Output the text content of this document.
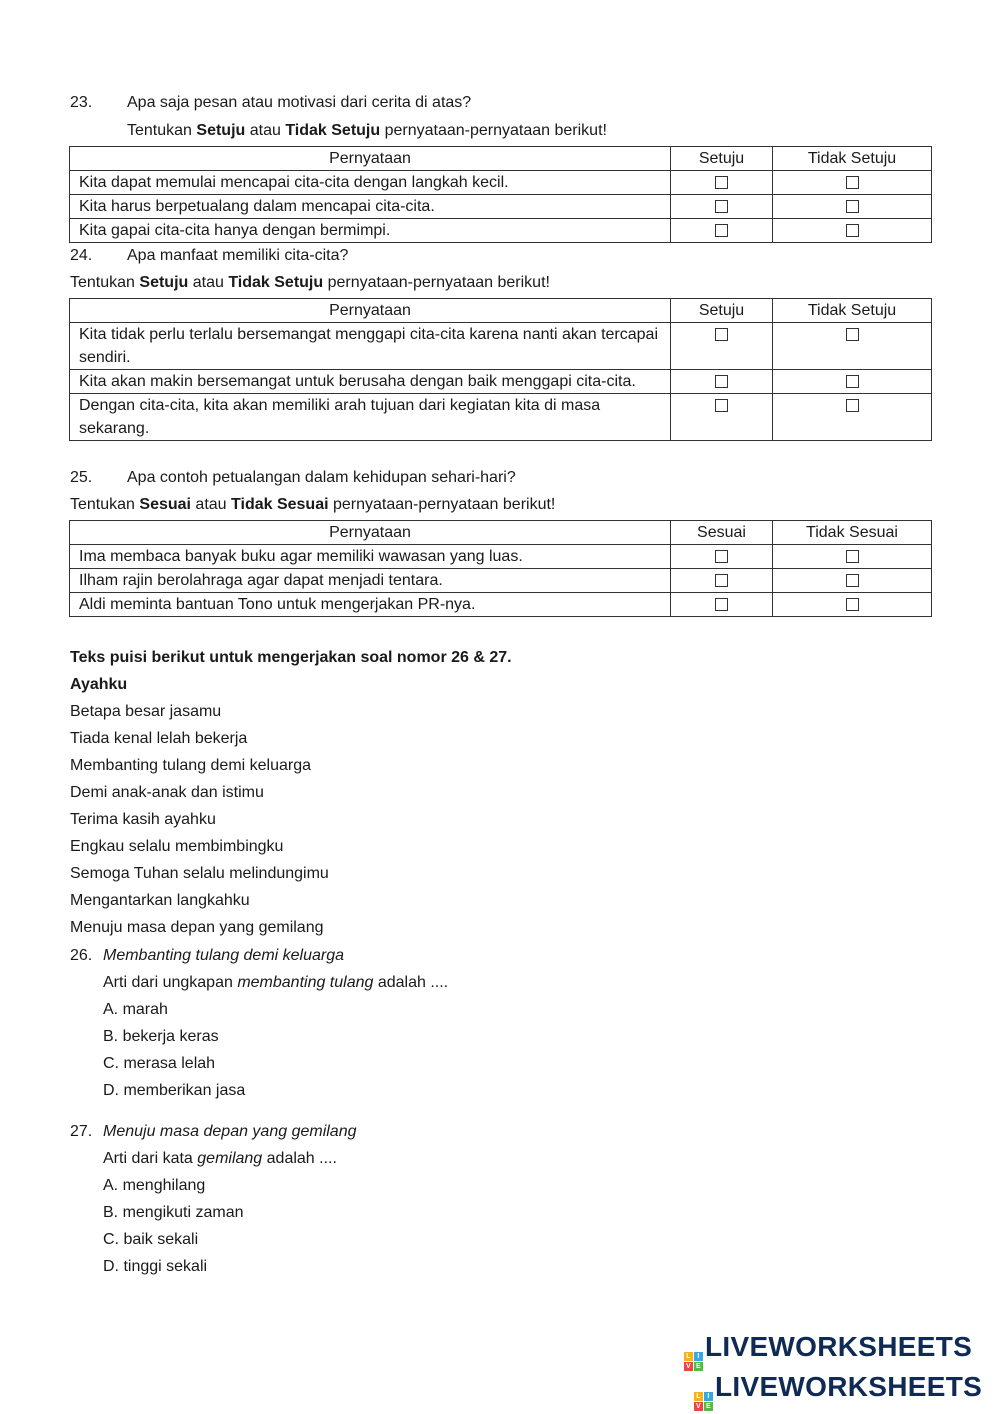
23. Apa saja pesan atau motivasi dari cerita di atas?
Tentukan Setuju atau Tidak Setuju pernyataan-pernyataan berikut!
Pernyataan	Setuju	Tidak Setuju
Kita dapat memulai mencapai cita-cita dengan langkah kecil.		
Kita harus berpetualang dalam mencapai cita-cita.		
Kita gapai cita-cita hanya dengan bermimpi.		
24. Apa manfaat memiliki cita-cita?
Tentukan Setuju atau Tidak Setuju pernyataan-pernyataan berikut!
Pernyataan	Setuju	Tidak Setuju
Kita tidak perlu terlalu bersemangat menggapi cita-cita karena nanti akan tercapai sendiri.		
Kita akan makin bersemangat untuk berusaha dengan baik menggapi cita-cita.		
Dengan cita-cita, kita akan memiliki arah tujuan dari kegiatan kita di masa sekarang.		
25. Apa contoh petualangan dalam kehidupan sehari-hari?
Tentukan Sesuai atau Tidak Sesuai pernyataan-pernyataan berikut!
Pernyataan	Sesuai	Tidak Sesuai
Ima membaca banyak buku agar memiliki wawasan yang luas.		
Ilham rajin berolahraga agar dapat menjadi tentara.		
Aldi meminta bantuan Tono untuk mengerjakan PR-nya.		
Teks puisi berikut untuk mengerjakan soal nomor 26 & 27.
Ayahku
Betapa besar jasamu
Tiada kenal lelah bekerja
Membanting tulang demi keluarga
Demi anak-anak dan istimu
Terima kasih ayahku
Engkau selalu membimbingku
Semoga Tuhan selalu melindungimu
Mengantarkan langkahku
Menuju masa depan yang gemilang
26. Membanting tulang demi keluarga
Arti dari ungkapan membanting tulang adalah ....
A. marah
B. bekerja keras
C. merasa lelah
D. memberikan jasa
27. Menuju masa depan yang gemilang
Arti dari kata gemilang adalah ....
A. menghilang
B. mengikuti zaman
C. baik sekali
D. tinggi sekali
L I
V E
LIVEWORKSHEETS
L I
V E
LIVEWORKSHEETS
